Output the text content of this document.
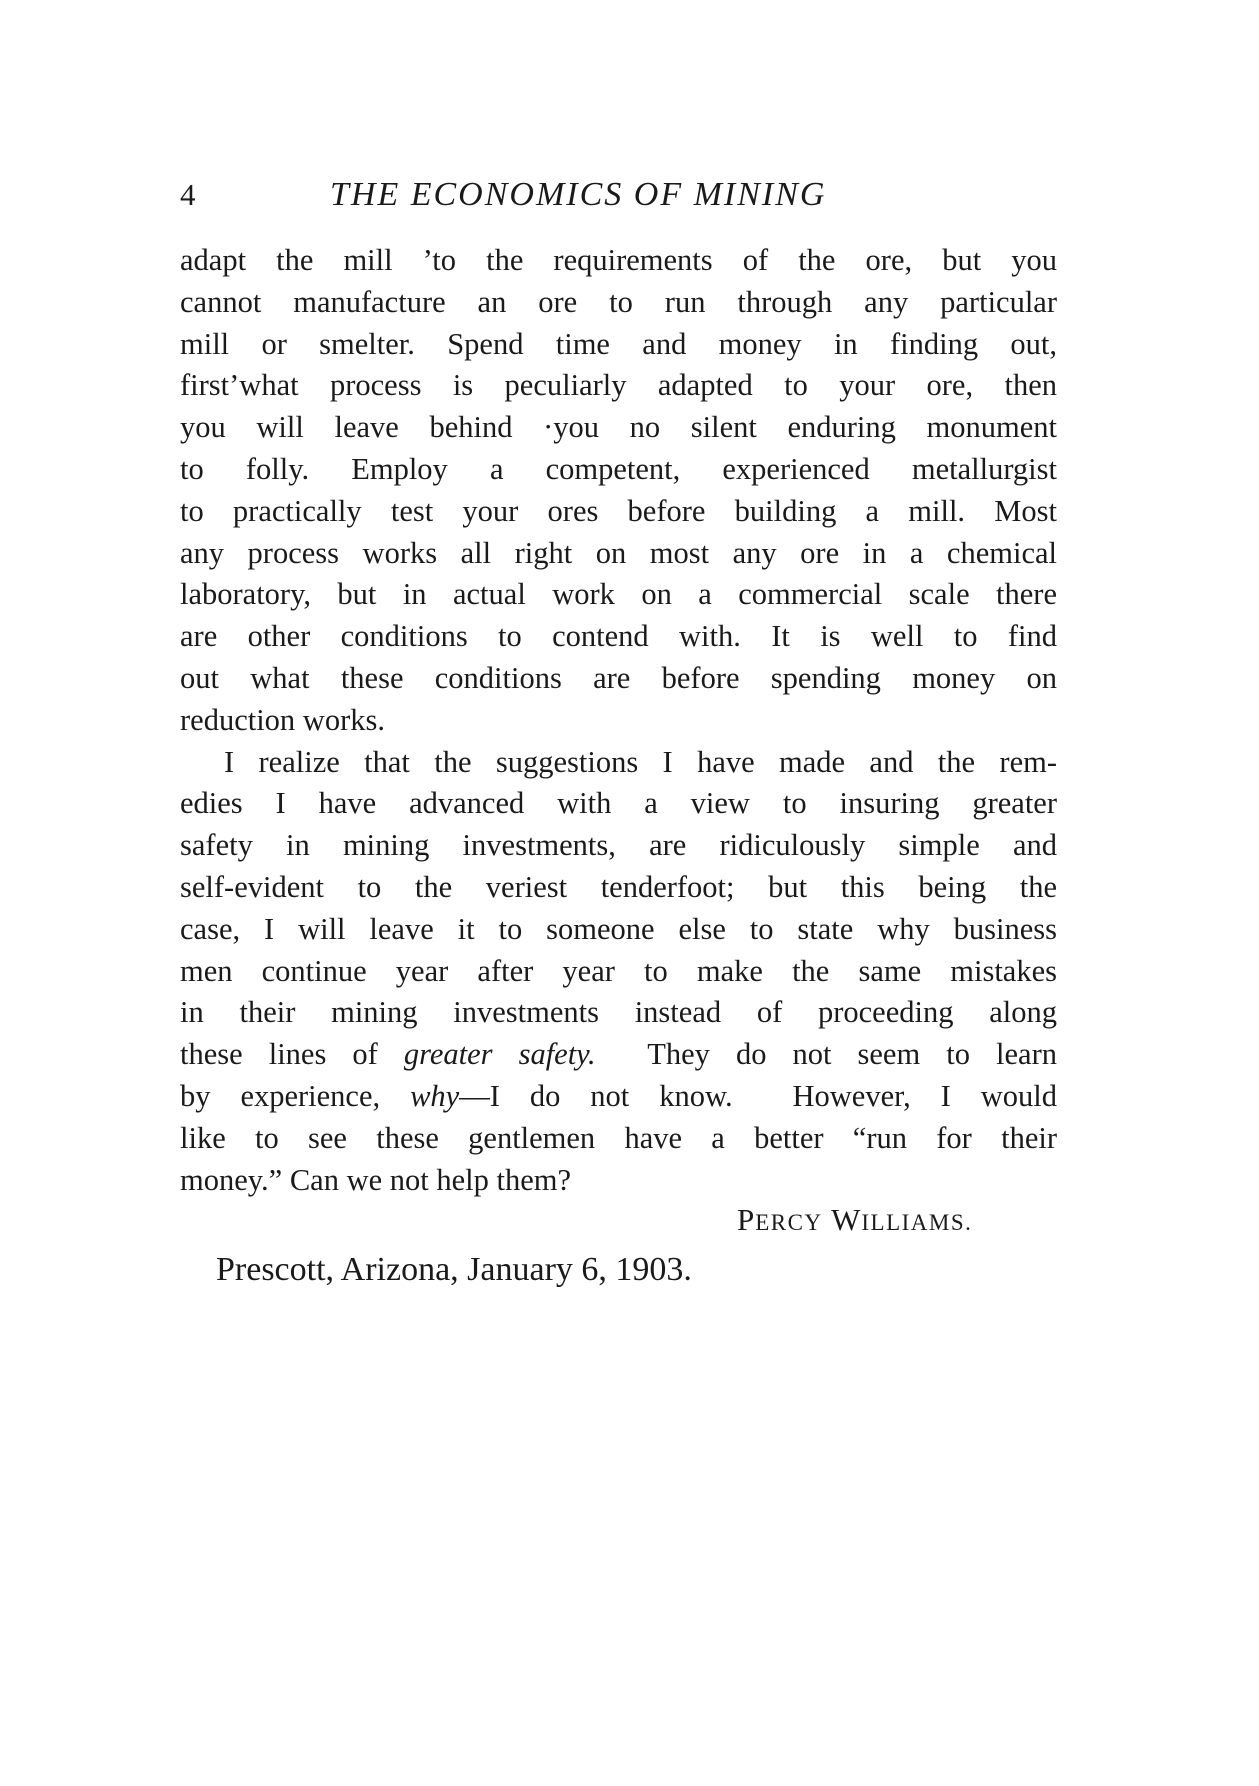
4	THE ECONOMICS OF MINING
adapt the mill ’to the requirements of the ore, but you
cannot manufacture an ore to run through any particular
mill or smelter. Spend time and money in finding out,
first’what process is peculiarly adapted to your ore, then
you will leave behind ·you no silent enduring monument
to folly. Employ a competent, experienced metallurgist
to practically test your ores before building a mill. Most
any process works all right on most any ore in a chemical
laboratory, but in actual work on a commercial scale there
are other conditions to contend with. It is well to find
out what these conditions are before spending money on
reduction works.
I realize that the suggestions I have made and the rem-
edies I have advanced with a view to insuring greater
safety in mining investments, are ridiculously simple and
self-evident to the veriest tenderfoot; but this being the
case, I will leave it to someone else to state why business
men continue year after year to make the same mistakes
in their mining investments instead of proceeding along
these lines of greater safety.  They do not seem to learn
by experience, why—I do not know.  However, I would
like to see these gentlemen have a better “run for their
money.” Can we not help them?
PERCY WILLIAMS.
Prescott, Arizona, January 6, 1903.
